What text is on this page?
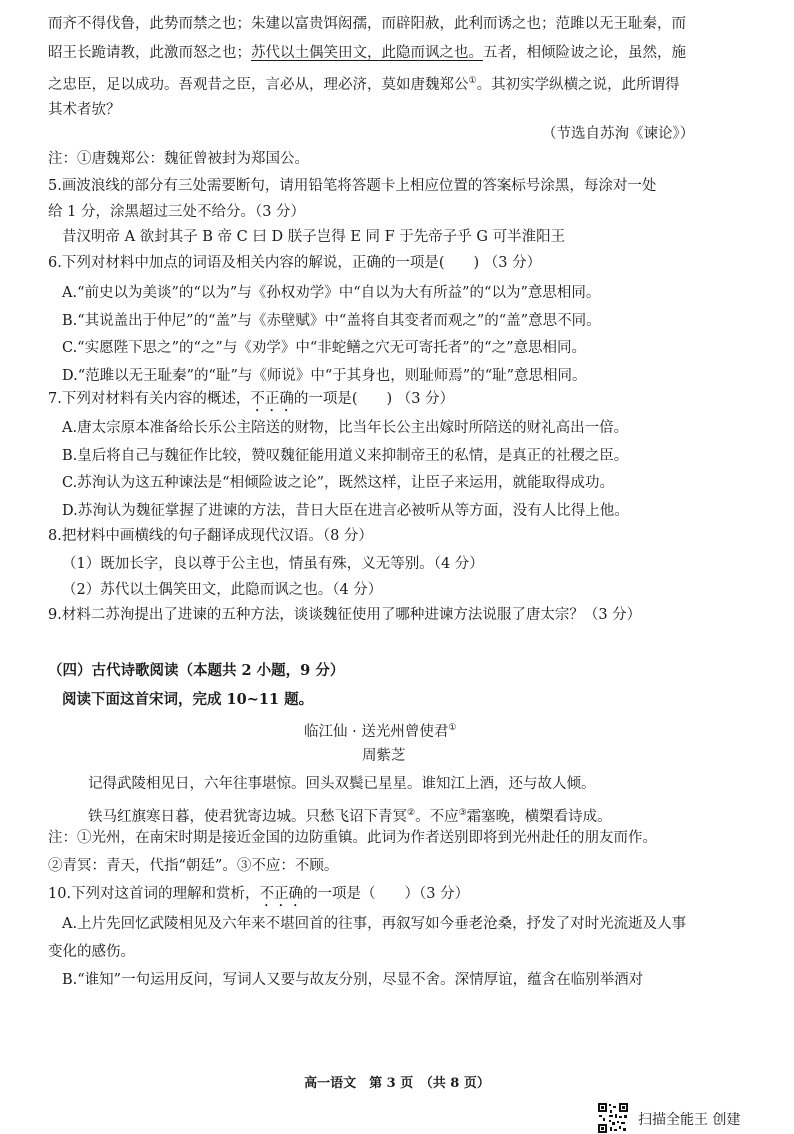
而齐不得伐鲁，此势而禁之也；朱建以富贵饵闳孺，而辟阳赦，此利而诱之也；范雎以无王耻秦，而
昭王长跪请教，此激而怒之也；苏代以土偶笑田文，此隐而讽之也。五者，相倾险诐之论，虽然，施
之忠臣，足以成功。吾观昔之臣，言必从，理必济，莫如唐魏郑公①。其初实学纵横之说，此所谓得
其术者欤？
（节选自苏洵《谏论》）
注：①唐魏郑公：魏征曾被封为郑国公。
5.画波浪线的部分有三处需要断句，请用铅笔将答题卡上相应位置的答案标号涂黑，每涂对一处
给 1 分，涂黑超过三处不给分。（3 分）
昔汉明帝 A 欲封其子 B 帝 C 曰 D 朕子岂得 E 同 F 于先帝子乎 G 可半淮阳王
6.下列对材料中加点的词语及相关内容的解说，正确的一项是(　　) （3 分）
A.“前史以为美谈”的“以为”与《孙权劝学》中“自以为大有所益”的“以为”意思相同。
B.“其说盖出于仲尼”的“盖”与《赤壁赋》中“盖将自其变者而观之”的“盖”意思不同。
C.“实愿陛下思之”的“之”与《劝学》中“非蛇鳝之穴无可寄托者”的“之”意思相同。
D.“范雎以无王耻秦”的“耻”与《师说》中“于其身也，则耻师焉”的“耻”意思相同。
7.下列对材料有关内容的概述，不正确的一项是(　　) （3 分）
A.唐太宗原本准备给长乐公主陪送的财物，比当年长公主出嫁时所陪送的财礼高出一倍。
B.皇后将自己与魏征作比较，赞叹魏征能用道义来抑制帝王的私情，是真正的社稷之臣。
C.苏洵认为这五种谏法是“相倾险诐之论”，既然这样，让臣子来运用，就能取得成功。
D.苏洵认为魏征掌握了进谏的方法，昔日大臣在进言必被听从等方面，没有人比得上他。
8.把材料中画横线的句子翻译成现代汉语。（8 分）
（1）既加长字，良以尊于公主也，情虽有殊，义无等别。（4 分）
（2）苏代以土偶笑田文，此隐而讽之也。（4 分）
9.材料二苏洵提出了进谏的五种方法，谈谈魏征使用了哪种进谏方法说服了唐太宗？（3 分）
（四）古代诗歌阅读（本题共 2 小题，9 分）
阅读下面这首宋词，完成 10~11 题。
临江仙 · 送光州曾使君①
周紫芝
记得武陵相见日，六年往事堪惊。回头双鬓已星星。谁知江上酒，还与故人倾。
铁马红旗寒日暮，使君犹寄边城。只愁飞诏下青冥②。不应③霜塞晚，横槊看诗成。
注：①光州，在南宋时期是接近金国的边防重镇。此词为作者送别即将到光州赴任的朋友而作。
②青冥：青天，代指“朝廷”。③不应：不顾。
10.下列对这首词的理解和赏析，不正确的一项是（　　）（3 分）
A.上片先回忆武陵相见及六年来不堪回首的往事，再叙写如今垂老沧桑，抒发了对时光流逝及人事
变化的感伤。
B.“谁知”一句运用反问，写词人又要与故友分别，尽显不舍。深情厚谊，蕴含在临别举酒对
高一语文　第 3 页　（共 8 页）
扫描全能王 创建
